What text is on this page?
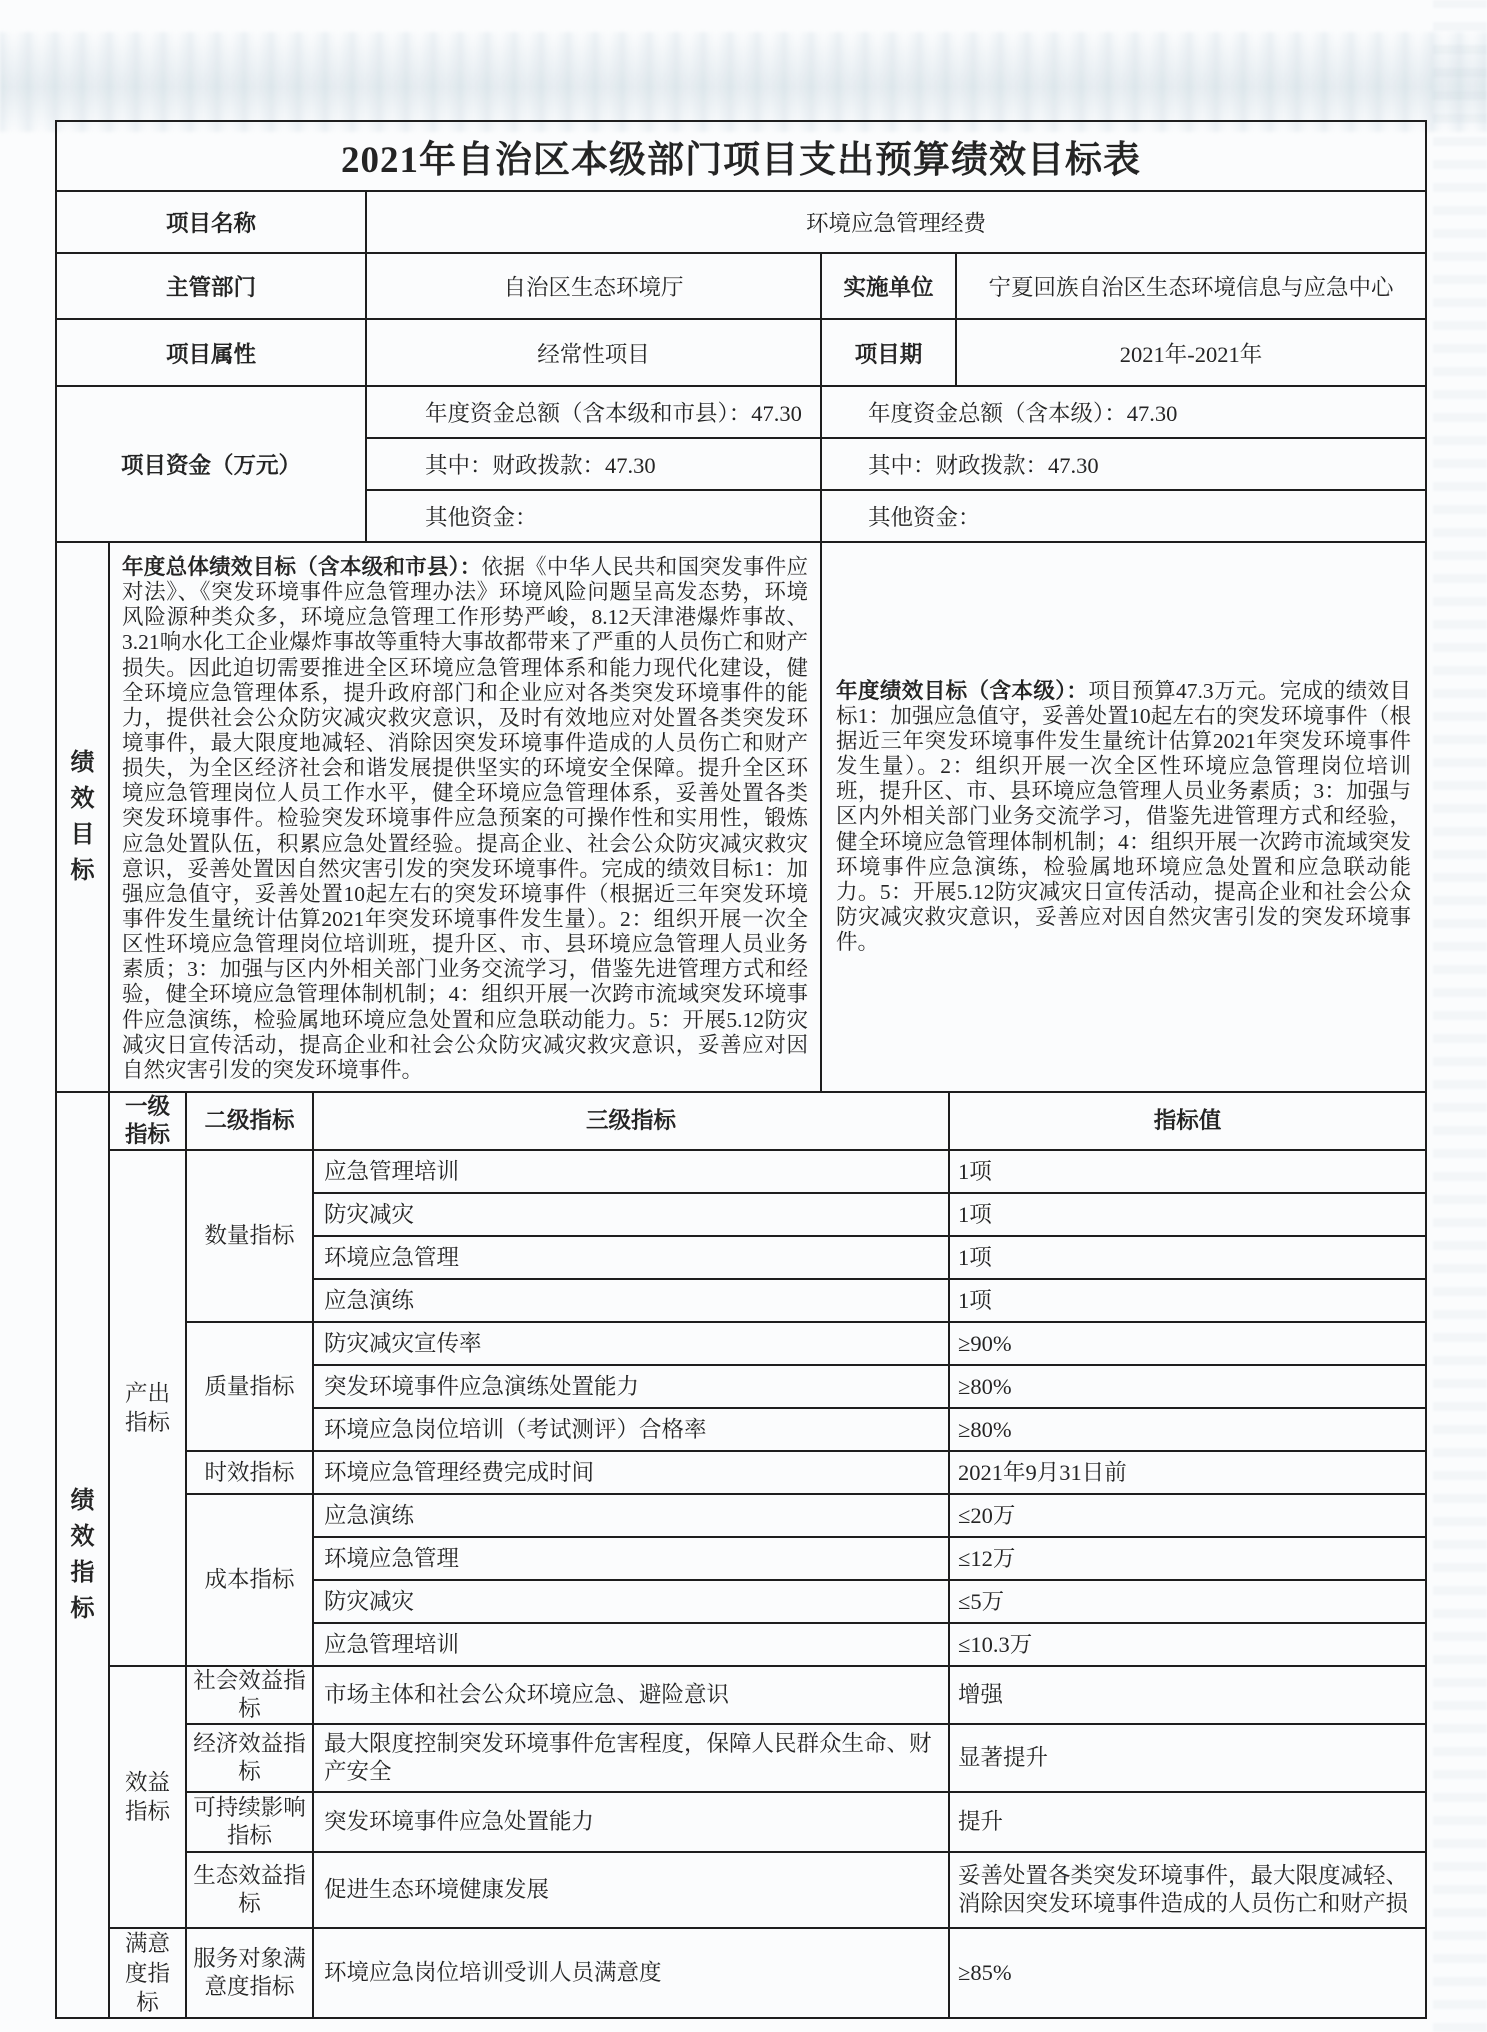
2021年自治区本级部门项目支出预算绩效目标表			
项目名称	环境应急管理经费		
主管部门	自治区生态环境厅	实施单位	宁夏回族自治区生态环境信息与应急中心
项目属性	经常性项目	项目期	2021年-2021年
项目资金（万元）	年度资金总额（含本级和市县）：47.30	年度资金总额（含本级）：47.30	
	其中：财政拨款：47.30	其中：财政拨款：47.30	
	其他资金：	其他资金：	
绩效目标

年度总体绩效目标（含本级和市县）：依据《中华人民共和国突发事件应对法》、《突发环境事件应急管理办法》环境风险问题呈高发态势，环境风险源种类众多，环境应急管理工作形势严峻，8.12天津港爆炸事故、3.21响水化工企业爆炸事故等重特大事故都带来了严重的人员伤亡和财产损失。因此迫切需要推进全区环境应急管理体系和能力现代化建设，健全环境应急管理体系，提升政府部门和企业应对各类突发环境事件的能力，提供社会公众防灾减灾救灾意识，及时有效地应对处置各类突发环境事件，最大限度地减轻、消除因突发环境事件造成的人员伤亡和财产损失，为全区经济社会和谐发展提供坚实的环境安全保障。提升全区环境应急管理岗位人员工作水平，健全环境应急管理体系，妥善处置各类突发环境事件。检验突发环境事件应急预案的可操作性和实用性，锻炼应急处置队伍，积累应急处置经验。提高企业、社会公众防灾减灾救灾意识，妥善处置因自然灾害引发的突发环境事件。完成的绩效目标1：加强应急值守，妥善处置10起左右的突发环境事件（根据近三年突发环境事件发生量统计估算2021年突发环境事件发生量）。2：组织开展一次全区性环境应急管理岗位培训班，提升区、市、县环境应急管理人员业务素质；3：加强与区内外相关部门业务交流学习，借鉴先进管理方式和经验，健全环境应急管理体制机制；4：组织开展一次跨市流域突发环境事件应急演练，检验属地环境应急处置和应急联动能力。5：开展5.12防灾减灾日宣传活动，提高企业和社会公众防灾减灾救灾意识，妥善应对因自然灾害引发的突发环境事件。

年度绩效目标（含本级）：项目预算47.3万元。完成的绩效目标1：加强应急值守，妥善处置10起左右的突发环境事件（根据近三年突发环境事件发生量统计估算2021年突发环境事件发生量）。2：组织开展一次全区性环境应急管理岗位培训班，提升区、市、县环境应急管理人员业务素质；3：加强与区内外相关部门业务交流学习，借鉴先进管理方式和经验，健全环境应急管理体制机制；4：组织开展一次跨市流域突发环境事件应急演练，检验属地环境应急处置和应急联动能力。5：开展5.12防灾减灾日宣传活动，提高企业和社会公众防灾减灾救灾意识，妥善应对因自然灾害引发的突发环境事件。

绩效指标	一级指标	二级指标	三级指标	指标值
	产出指标	数量指标	应急管理培训	1项
			防灾减灾	1项
			环境应急管理	1项
			应急演练	1项
		质量指标	防灾减灾宣传率	≥90%
			突发环境事件应急演练处置能力	≥80%
			环境应急岗位培训（考试测评）合格率	≥80%
		时效指标	环境应急管理经费完成时间	2021年9月31日前
		成本指标	应急演练	≤20万
			环境应急管理	≤12万
			防灾减灾	≤5万
			应急管理培训	≤10.3万
	效益指标	社会效益指标	市场主体和社会公众环境应急、避险意识	增强
		经济效益指标	最大限度控制突发环境事件危害程度，保障人民群众生命、财产安全	显著提升
		可持续影响指标	突发环境事件应急处置能力	提升
		生态效益指标	促进生态环境健康发展	妥善处置各类突发环境事件，最大限度减轻、消除因突发环境事件造成的人员伤亡和财产损
	满意度指标	服务对象满意度指标	环境应急岗位培训受训人员满意度	≥85%
